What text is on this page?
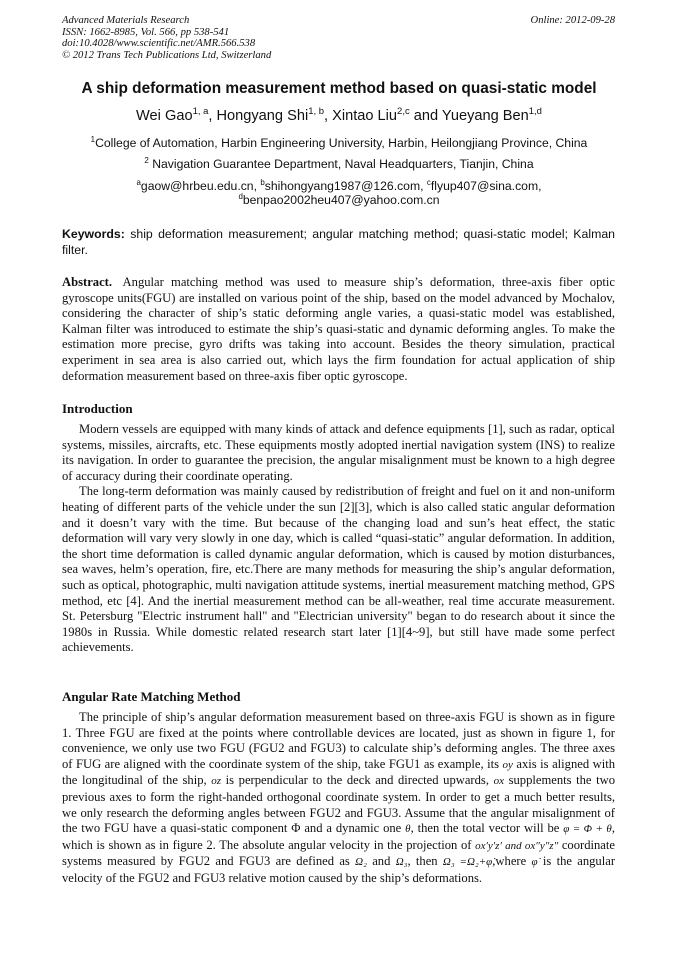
Advanced Materials Research
ISSN: 1662-8985, Vol. 566, pp 538-541
doi:10.4028/www.scientific.net/AMR.566.538
© 2012 Trans Tech Publications Ltd, Switzerland
Online: 2012-09-28
A ship deformation measurement method based on quasi-static model
Wei Gao$^{1, a}$, Hongyang Shi$^{1, b}$, Xintao Liu$^{2,c}$ and Yueyang Ben$^{1,d}$
$^1$College of Automation, Harbin Engineering University, Harbin, Heilongjiang Province, China
$^2$ Navigation Guarantee Department, Naval Headquarters, Tianjin, China
$^a$gaow@hrbeu.edu.cn, $^b$shihongyang1987@126.com, $^c$flyup407@sina.com,
$^d$benpao2002heu407@yahoo.com.cn
Keywords: ship deformation measurement; angular matching method; quasi-static model; Kalman filter.

Abstract. Angular matching method was used to measure ship’s deformation, three-axis fiber optic gyroscope units(FGU) are installed on various point of the ship, based on the model advanced by Mochalov, considering the character of ship’s static deforming angle varies, a quasi-static model was established, Kalman filter was introduced to estimate the ship’s quasi-static and dynamic deforming angles. To make the estimation more precise, gyro drifts was taking into account. Besides the theory simulation, practical experiment in sea area is also carried out, which lays the firm foundation for actual application of ship deformation measurement based on three-axis fiber optic gyroscope.

Introduction

Modern vessels are equipped with many kinds of attack and defence equipments [1], such as radar, optical systems, missiles, aircrafts, etc. These equipments mostly adopted inertial navigation system (INS) to realize its navigation. In order to guarantee the precision, the angular misalignment must be known to a high degree of accuracy during their coordinate operating.

The long-term deformation was mainly caused by redistribution of freight and fuel on it and non-uniform heating of different parts of the vehicle under the sun [2][3], which is also called static angular deformation and it doesn’t vary with the time. But because of the changing load and sun’s heat effect, the static deformation will vary very slowly in one day, which is called “quasi-static” angular deformation. In addition, the short time deformation is called dynamic angular deformation, which is caused by motion disturbances, sea waves, helm’s operation, fire, etc.There are many methods for measuring the ship’s angular deformation, such as optical, photographic, multi navigation attitude systems, inertial measurement matching method, GPS method, etc [4]. And the inertial measurement method can be all-weather, real time accurate measurement. St. Petersburg "Electric instrument hall" and "Electrician university" began to do research about it since the 1980s in Russia. While domestic related research start later [1][4~9], but still have made some perfect achievements.

Angular Rate Matching Method

The principle of ship’s angular deformation measurement based on three-axis FGU is shown as in figure 1. Three FGU are fixed at the points where controllable devices are located, just as shown in figure 1, for convenience, we only use two FGU (FGU2 and FGU3) to calculate ship’s deforming angles. The three axes of FUG are aligned with the coordinate system of the ship, take FGU1 as example, its oy axis is aligned with the longitudinal of the ship, oz is perpendicular to the deck and directed upwards, ox supplements the two previous axes to form the right-handed orthogonal coordinate system. In order to get a much better results, we only research the deforming angles between FGU2 and FGU3. Assume that the angular misalignment of the two FGU have a quasi-static component Φ and a dynamic one θ, then the total vector will be φ = Φ + θ, which is shown as in figure 2. The absolute angular velocity in the projection of ox′y′z′ and ox″y″z″ coordinate systems measured by FGU2 and FGU3 are defined as Ω₂ and Ω₃, then Ω₃ =Ω₂+φ̇,where φ̇ is the angular velocity of the FGU2 and FGU3 relative motion caused by the ship’s deformations.
